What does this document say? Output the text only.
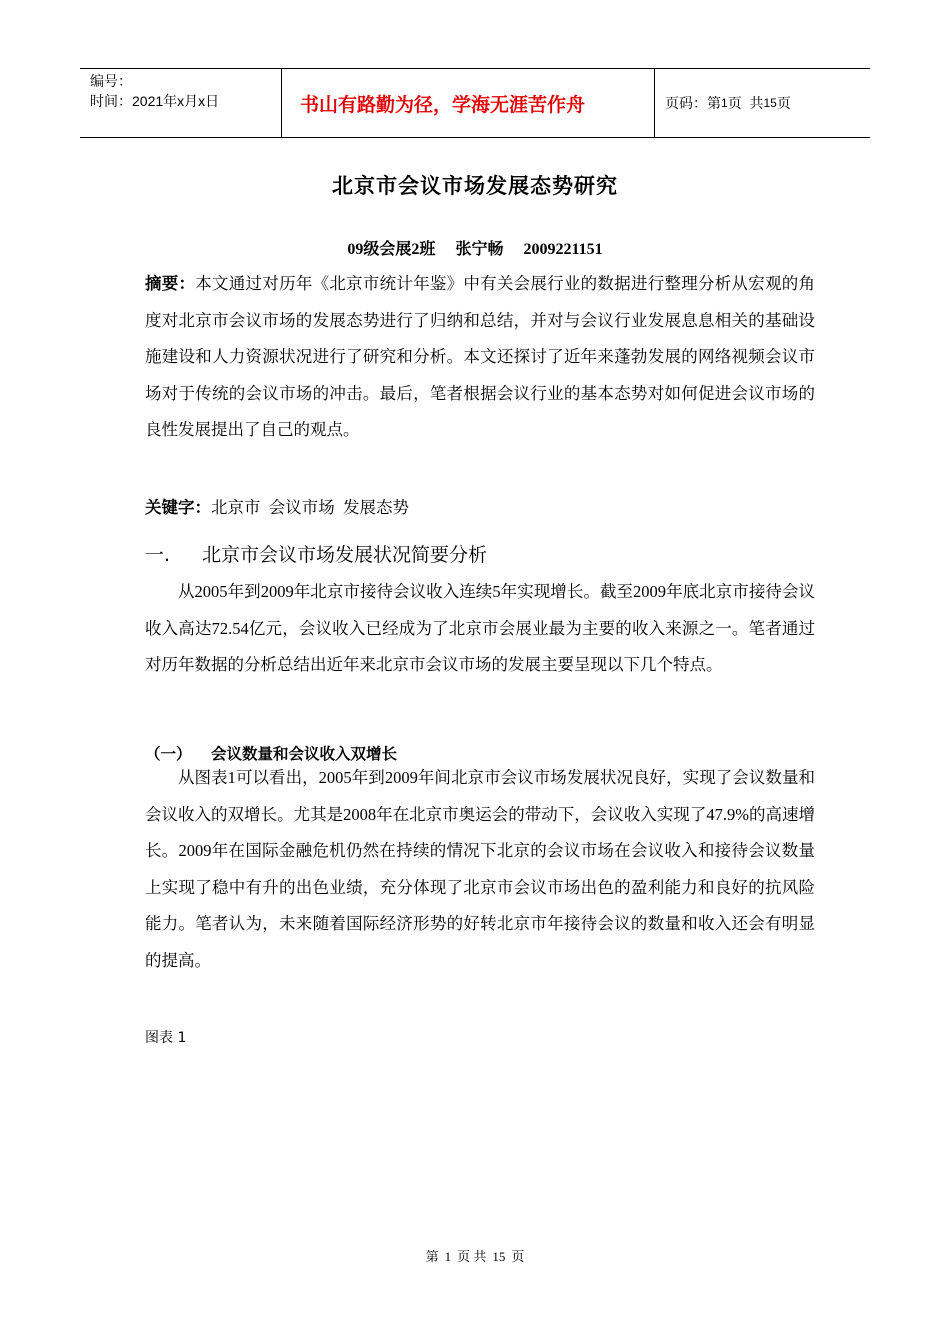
编号：
时间：2021年x月x日	书山有路勤为径，学海无涯苦作舟	页码：第 1 页  共 15 页
北京市会议市场发展态势研究
09级会展2班 张宁畅 2009221151

摘要：本文通过对历年《北京市统计年鉴》中有关会展行业的数据进行整理分析从宏观的角度对北京市会议市场的发展态势进行了归纳和总结，并对与会议行业发展息息相关的基础设施建设和人力资源状况进行了研究和分析。本文还探讨了近年来蓬勃发展的网络视频会议市场对于传统的会议市场的冲击。最后，笔者根据会议行业的基本态势对如何促进会议市场的良性发展提出了自己的观点。

关键字：北京市  会议市场  发展态势

一. 北京市会议市场发展状况简要分析

从2005年到2009年北京市接待会议收入连续5年实现增长。截至2009年底北京市接待会议收入高达72.54亿元，会议收入已经成为了北京市会展业最为主要的收入来源之一。笔者通过对历年数据的分析总结出近年来北京市会议市场的发展主要呈现以下几个特点。

（一） 会议数量和会议收入双增长

从图表1可以看出，2005年到2009年间北京市会议市场发展状况良好，实现了会议数量和会议收入的双增长。尤其是2008年在北京市奥运会的带动下，会议收入实现了47.9%的高速增长。2009年在国际金融危机仍然在持续的情况下北京的会议市场在会议收入和接待会议数量上实现了稳中有升的出色业绩，充分体现了北京市会议市场出色的盈利能力和良好的抗风险能力。笔者认为，未来随着国际经济形势的好转北京市年接待会议的数量和收入还会有明显的提高。

图表 1
第 1 页 共 15 页
